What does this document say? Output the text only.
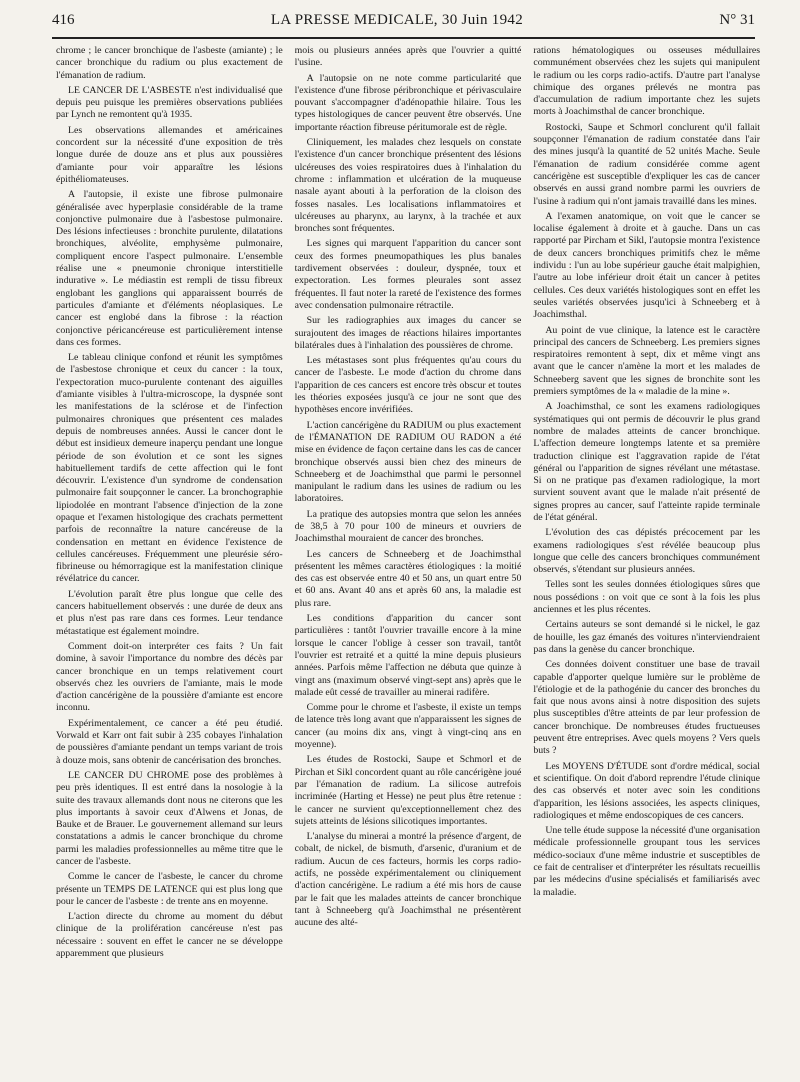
416	LA PRESSE MEDICALE, 30 Juin 1942	N° 31

chrome ; le cancer bronchique de l'asbeste (amiante) ; le cancer bronchique du radium ou plus exactement de l'émanation de radium.

LE CANCER DE L'ASBESTE n'est individualisé que depuis peu puisque les premières observations publiées par Lynch ne remontent qu'à 1935.

Les observations allemandes et américaines concordent sur la nécessité d'une exposition de très longue durée de douze ans et plus aux poussières d'amiante pour voir apparaître les lésions épithéliomateuses.

A l'autopsie, il existe une fibrose pulmonaire généralisée avec hyperplasie considérable de la trame conjonctive pulmonaire due à l'asbestose pulmonaire. Des lésions infectieuses : bronchite purulente, dilatations bronchiques, alvéolite, emphysème pulmonaire, compliquent encore l'aspect pulmonaire. L'ensemble réalise une « pneumonie chronique interstitielle indurative ». Le médiastin est rempli de tissu fibreux englobant les ganglions qui apparaissent bourrés de particules d'amiante et d'éléments néoplasiques. Le cancer est englobé dans la fibrose : la réaction conjonctive péricancéreuse est particulièrement intense dans ces formes.

Le tableau clinique confond et réunit les symptômes de l'asbestose chronique et ceux du cancer : la toux, l'expectoration muco-purulente contenant des aiguilles d'amiante visibles à l'ultra-microscope, la dyspnée sont les manifestations de la sclérose et de l'infection pulmonaires chroniques que présentent ces malades depuis de nombreuses années. Aussi le cancer dont le début est insidieux demeure inaperçu pendant une longue période de son évolution et ce sont les signes habituellement tardifs de cette affection qui le font découvrir. L'existence d'un syndrome de condensation pulmonaire fait soupçonner le cancer. La bronchographie lipiodolée en montrant l'absence d'injection de la zone opaque et l'examen histologique des crachats permettent parfois de reconnaître la nature cancéreuse de la condensation en mettant en évidence l'existence de cellules cancéreuses. Fréquemment une pleurésie séro-fibrineuse ou hémorragique est la manifestation clinique révélatrice du cancer.

L'évolution paraît être plus longue que celle des cancers habituellement observés : une durée de deux ans et plus n'est pas rare dans ces formes. Leur tendance métastatique est également moindre.

Comment doit-on interpréter ces faits ? Un fait domine, à savoir l'importance du nombre des décès par cancer bronchique en un temps relativement court observés chez les ouvriers de l'amiante, mais le mode d'action cancérigène de la poussière d'amiante est encore inconnu.

Expérimentalement, ce cancer a été peu étudié. Vorwald et Karr ont fait subir à 235 cobayes l'inhalation de poussières d'amiante pendant un temps variant de trois à douze mois, sans obtenir de cancérisation des bronches.

LE CANCER DU CHROME pose des problèmes à peu près identiques. Il est entré dans la nosologie à la suite des travaux allemands dont nous ne citerons que les plus importants à savoir ceux d'Alwens et Jonas, de Bauke et de Brauer. Le gouvernement allemand sur leurs constatations a admis le cancer bronchique du chrome parmi les maladies professionnelles au même titre que le cancer de l'asbeste.

Comme le cancer de l'asbeste, le cancer du chrome présente un TEMPS DE LATENCE qui est plus long que pour le cancer de l'asbeste : de trente ans en moyenne.

L'action directe du chrome au moment du début clinique de la prolifération cancéreuse n'est pas nécessaire : souvent en effet le cancer ne se développe apparemment que plusieurs

mois ou plusieurs années après que l'ouvrier a quitté l'usine.

A l'autopsie on ne note comme particularité que l'existence d'une fibrose péribronchique et périvasculaire pouvant s'accompagner d'adénopathie hilaire. Tous les types histologiques de cancer peuvent être observés. Une importante réaction fibreuse péritumorale est de règle.

Cliniquement, les malades chez lesquels on constate l'existence d'un cancer bronchique présentent des lésions ulcéreuses des voies respiratoires dues à l'inhalation du chrome : inflammation et ulcération de la muqueuse nasale ayant abouti à la perforation de la cloison des fosses nasales. Les localisations inflammatoires et ulcéreuses au pharynx, au larynx, à la trachée et aux bronches sont fréquentes.

Les signes qui marquent l'apparition du cancer sont ceux des formes pneumopathiques les plus banales tardivement observées : douleur, dyspnée, toux et expectoration. Les formes pleurales sont assez fréquentes. Il faut noter la rareté de l'existence des formes avec condensation pulmonaire rétractile.

Sur les radiographies aux images du cancer se surajoutent des images de réactions hilaires importantes bilatérales dues à l'inhalation des poussières de chrome.

Les métastases sont plus fréquentes qu'au cours du cancer de l'asbeste. Le mode d'action du chrome dans l'apparition de ces cancers est encore très obscur et toutes les théories exposées jusqu'à ce jour ne sont que des hypothèses encore invérifiées.

L'action cancérigène du RADIUM ou plus exactement de l'ÉMANATION DE RADIUM OU RADON a été mise en évidence de façon certaine dans les cas de cancer bronchique observés aussi bien chez des mineurs de Schneeberg et de Joachimsthal que parmi le personnel manipulant le radium dans les usines de radium ou les laboratoires.

La pratique des autopsies montra que selon les années de 38,5 à 70 pour 100 de mineurs et ouvriers de Joachimsthal mouraient de cancer des bronches.

Les cancers de Schneeberg et de Joachimsthal présentent les mêmes caractères étiologiques : la moitié des cas est observée entre 40 et 50 ans, un quart entre 50 et 60 ans. Avant 40 ans et après 60 ans, la maladie est plus rare.

Les conditions d'apparition du cancer sont particulières : tantôt l'ouvrier travaille encore à la mine lorsque le cancer l'oblige à cesser son travail, tantôt l'ouvrier est retraité et a quitté la mine depuis plusieurs années. Parfois même l'affection ne débuta que quinze à vingt ans (maximum observé vingt-sept ans) après que le malade eût cessé de travailler au minerai radifère.

Comme pour le chrome et l'asbeste, il existe un temps de latence très long avant que n'apparaissent les signes de cancer (au moins dix ans, vingt à vingt-cinq ans en moyenne).

Les études de Rostocki, Saupe et Schmorl et de Pirchan et Sikl concordent quant au rôle cancérigène joué par l'émanation de radium. La silicose autrefois incriminée (Harting et Hesse) ne peut plus être retenue : le cancer ne survient qu'exceptionnellement chez des sujets atteints de lésions silicotiques importantes.

L'analyse du minerai a montré la présence d'argent, de cobalt, de nickel, de bismuth, d'arsenic, d'uranium et de radium. Aucun de ces facteurs, hormis les corps radio-actifs, ne possède expérimentalement ou cliniquement d'action cancérigène. Le radium a été mis hors de cause par le fait que les malades atteints de cancer bronchique tant à Schneeberg qu'à Joachimsthal ne présentèrent aucune des alté-

rations hématologiques ou osseuses médullaires communément observées chez les sujets qui manipulent le radium ou les corps radio-actifs. D'autre part l'analyse chimique des organes prélevés ne montra pas d'accumulation de radium importante chez les sujets morts à Joachimsthal de cancer bronchique.

Rostocki, Saupe et Schmorl conclurent qu'il fallait soupçonner l'émanation de radium constatée dans l'air des mines jusqu'à la quantité de 52 unités Mache. Seule l'émanation de radium considérée comme agent cancérigène est susceptible d'expliquer les cas de cancer observés en aussi grand nombre parmi les ouvriers de l'usine à radium qui n'ont jamais travaillé dans les mines.

A l'examen anatomique, on voit que le cancer se localise également à droite et à gauche. Dans un cas rapporté par Pircham et Sikl, l'autopsie montra l'existence de deux cancers bronchiques primitifs chez le même individu : l'un au lobe supérieur gauche était malpighien, l'autre au lobe inférieur droit était un cancer à petites cellules. Ces deux variétés histologiques sont en effet les seules variétés observées jusqu'ici à Schneeberg et à Joachimsthal.

Au point de vue clinique, la latence est le caractère principal des cancers de Schneeberg. Les premiers signes respiratoires remontent à sept, dix et même vingt ans avant que le cancer n'amène la mort et les malades de Schneeberg savent que les signes de bronchite sont les premiers symptômes de la « maladie de la mine ».

A Joachimsthal, ce sont les examens radiologiques systématiques qui ont permis de découvrir le plus grand nombre de malades atteints de cancer bronchique. L'affection demeure longtemps latente et sa première traduction clinique est l'aggravation rapide de l'état général ou l'apparition de signes révélant une métastase. Si on ne pratique pas d'examen radiologique, la mort survient souvent avant que le malade n'ait présenté de signes propres au cancer, sauf l'atteinte rapide terminale de l'état général.

L'évolution des cas dépistés précocement par les examens radiologiques s'est révélée beaucoup plus longue que celle des cancers bronchiques communément observés, s'étendant sur plusieurs années.

Telles sont les seules données étiologiques sûres que nous possédions : on voit que ce sont à la fois les plus anciennes et les plus récentes.

Certains auteurs se sont demandé si le nickel, le gaz de houille, les gaz émanés des voitures n'interviendraient pas dans la genèse du cancer bronchique.

Ces données doivent constituer une base de travail capable d'apporter quelque lumière sur le problème de l'étiologie et de la pathogénie du cancer des bronches du fait que nous avons ainsi à notre disposition des sujets plus susceptibles d'être atteints de par leur profession de cancer bronchique. De nombreuses études fructueuses peuvent être entreprises. Avec quels moyens ? Vers quels buts ?

Les MOYENS D'ÉTUDE sont d'ordre médical, social et scientifique. On doit d'abord reprendre l'étude clinique des cas observés et noter avec soin les conditions d'apparition, les lésions associées, les aspects cliniques, radiologiques et même endoscopiques de ces cancers.

Une telle étude suppose la nécessité d'une organisation médicale professionnelle groupant tous les services médico-sociaux d'une même industrie et susceptibles de ce fait de centraliser et d'interpréter les résultats recueillis par les médecins d'usine spécialisés et familiarisés avec la maladie.
